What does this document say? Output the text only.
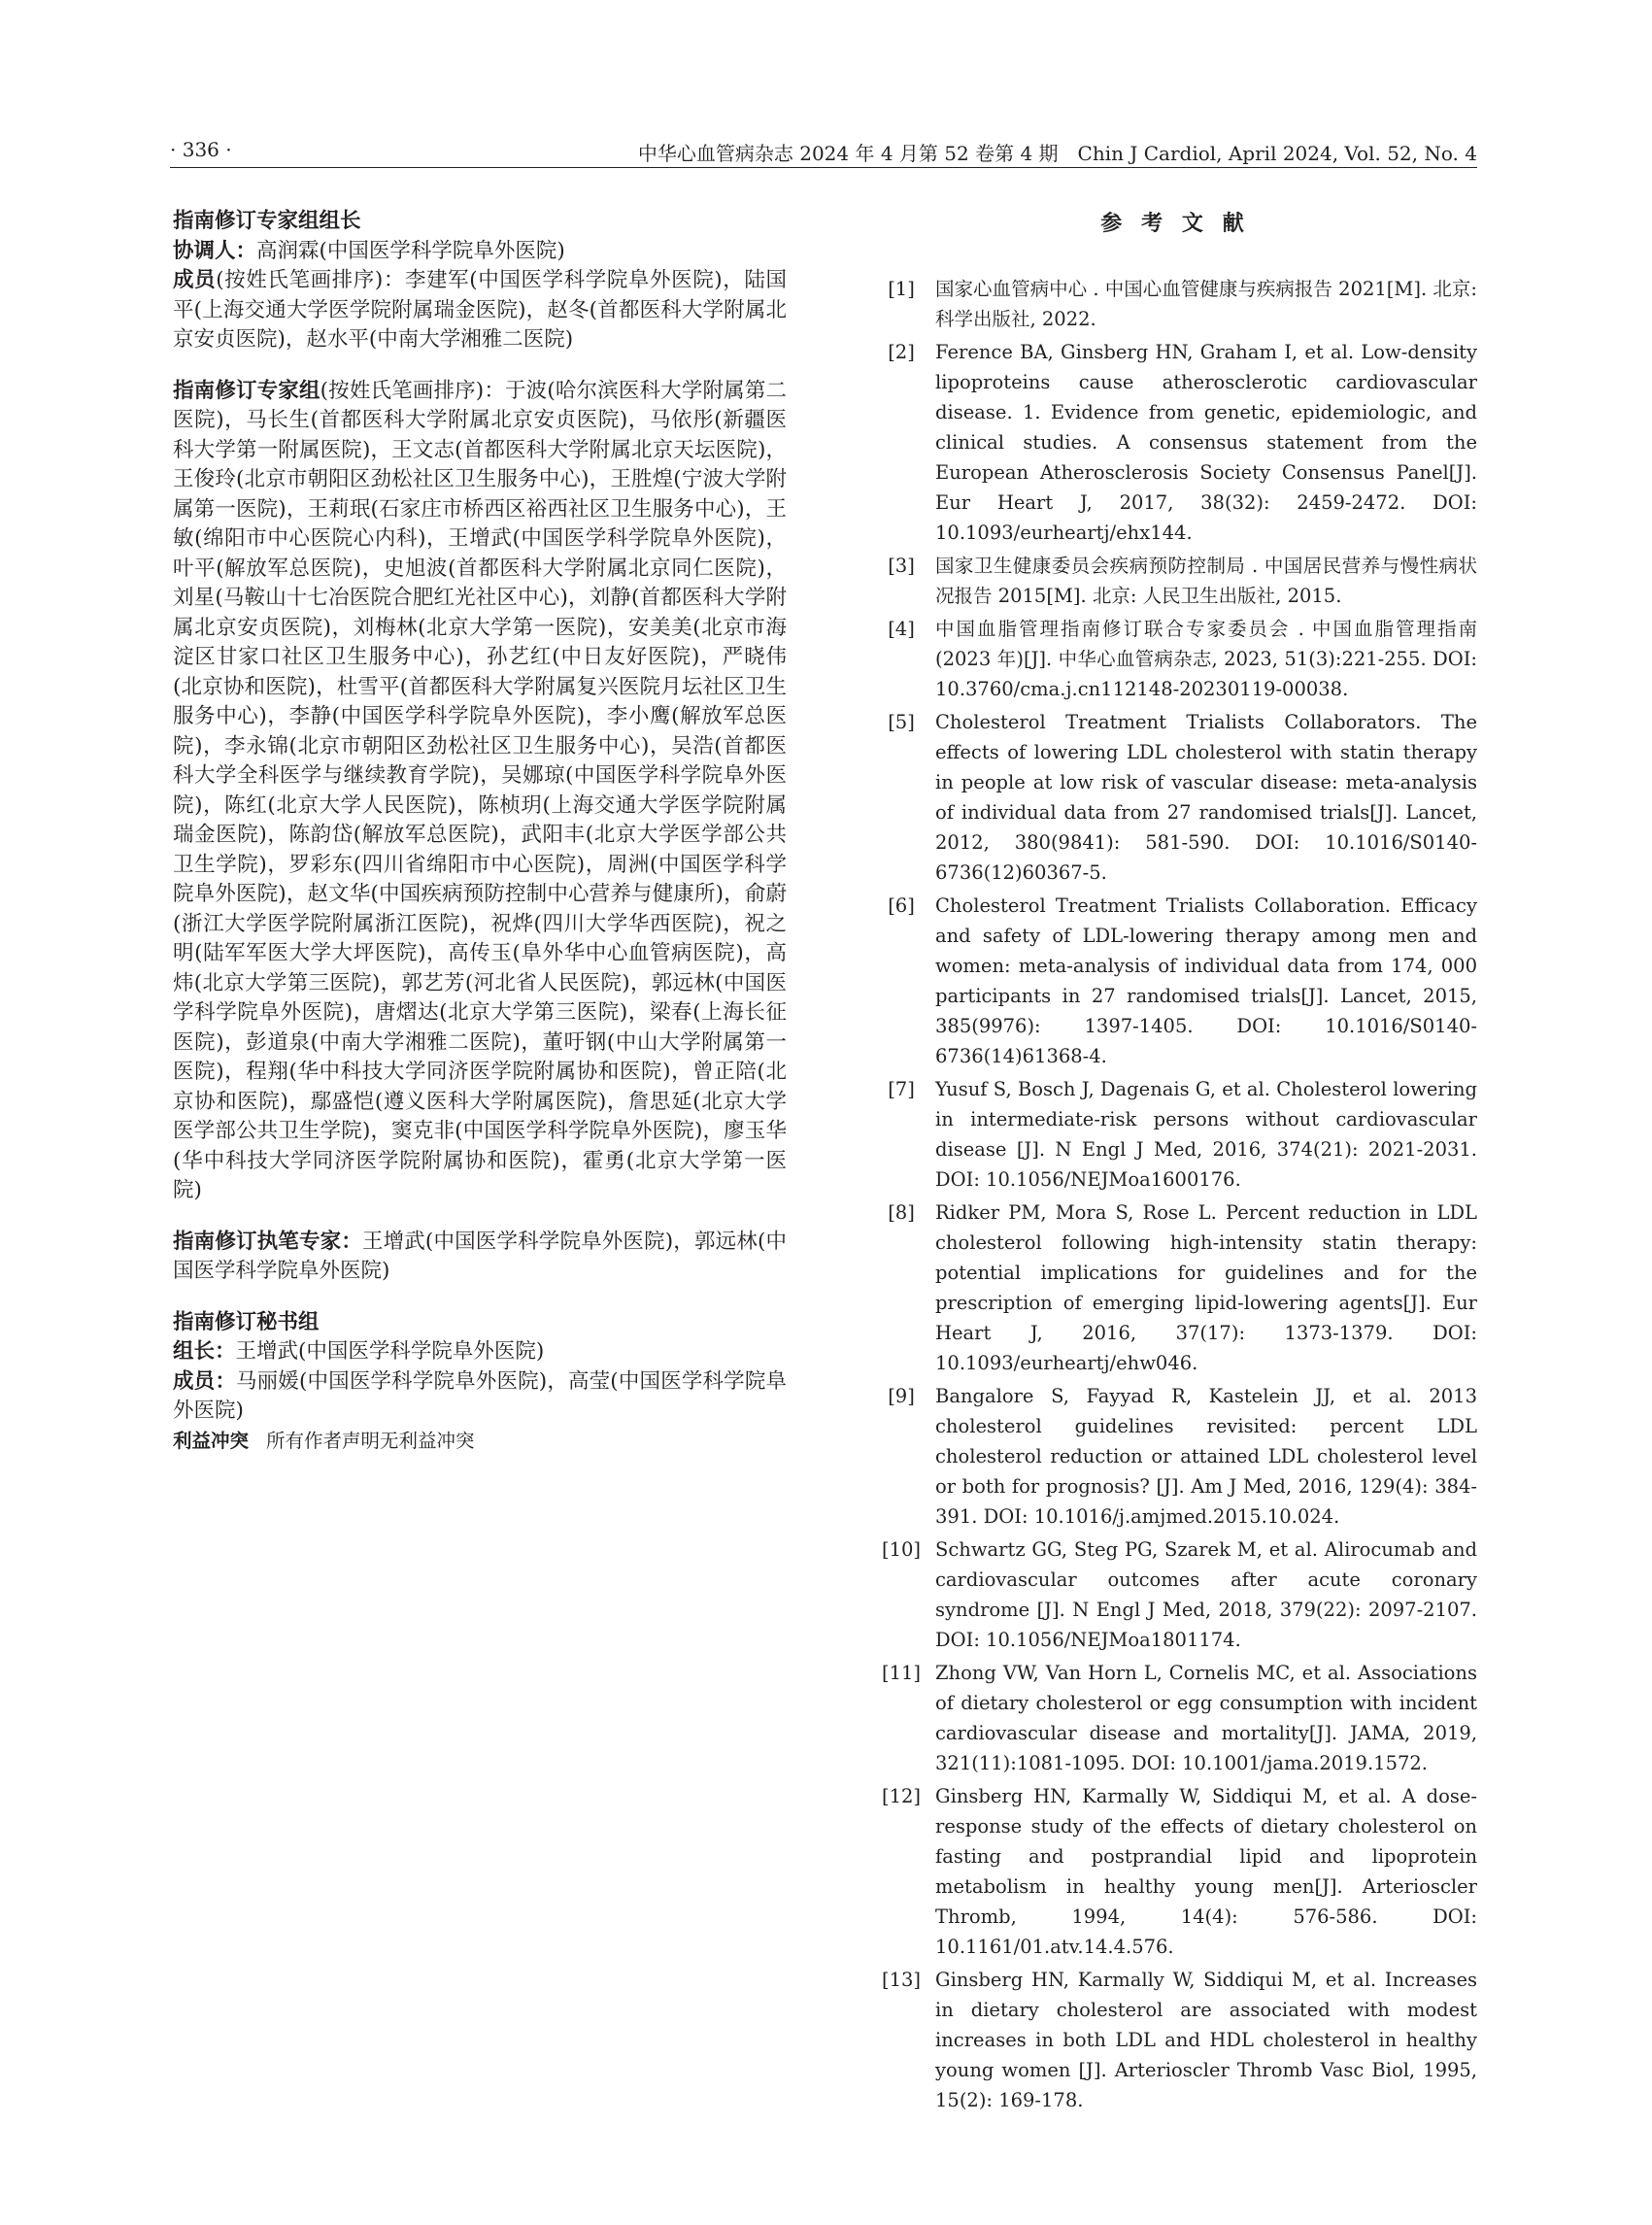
· 336 ·	中华心血管病杂志 2024 年 4 月第 52 卷第 4 期　Chin J Cardiol, April 2024, Vol. 52, No. 4

指南修订专家组组长

协调人：高润霖(中国医学科学院阜外医院)

成员(按姓氏笔画排序)：李建军(中国医学科学院阜外医院)，陆国平(上海交通大学医学院附属瑞金医院)，赵冬(首都医科大学附属北京安贞医院)，赵水平(中南大学湘雅二医院)

指南修订专家组(按姓氏笔画排序)：于波(哈尔滨医科大学附属第二医院)，马长生(首都医科大学附属北京安贞医院)，马依彤(新疆医科大学第一附属医院)，王文志(首都医科大学附属北京天坛医院)，王俊玲(北京市朝阳区劲松社区卫生服务中心)，王胜煌(宁波大学附属第一医院)，王莉珉(石家庄市桥西区裕西社区卫生服务中心)，王敏(绵阳市中心医院心内科)，王增武(中国医学科学院阜外医院)，叶平(解放军总医院)，史旭波(首都医科大学附属北京同仁医院)，刘星(马鞍山十七冶医院合肥红光社区中心)，刘静(首都医科大学附属北京安贞医院)，刘梅林(北京大学第一医院)，安美美(北京市海淀区甘家口社区卫生服务中心)，孙艺红(中日友好医院)，严晓伟(北京协和医院)，杜雪平(首都医科大学附属复兴医院月坛社区卫生服务中心)，李静(中国医学科学院阜外医院)，李小鹰(解放军总医院)，李永锦(北京市朝阳区劲松社区卫生服务中心)，吴浩(首都医科大学全科医学与继续教育学院)，吴娜琼(中国医学科学院阜外医院)，陈红(北京大学人民医院)，陈桢玥(上海交通大学医学院附属瑞金医院)，陈韵岱(解放军总医院)，武阳丰(北京大学医学部公共卫生学院)，罗彩东(四川省绵阳市中心医院)，周洲(中国医学科学院阜外医院)，赵文华(中国疾病预防控制中心营养与健康所)，俞蔚(浙江大学医学院附属浙江医院)，祝烨(四川大学华西医院)，祝之明(陆军军医大学大坪医院)，高传玉(阜外华中心血管病医院)，高炜(北京大学第三医院)，郭艺芳(河北省人民医院)，郭远林(中国医学科学院阜外医院)，唐熠达(北京大学第三医院)，梁春(上海长征医院)，彭道泉(中南大学湘雅二医院)，董吁钢(中山大学附属第一医院)，程翔(华中科技大学同济医学院附属协和医院)，曾正陪(北京协和医院)，鄢盛恺(遵义医科大学附属医院)，詹思延(北京大学医学部公共卫生学院)，窦克非(中国医学科学院阜外医院)，廖玉华(华中科技大学同济医学院附属协和医院)，霍勇(北京大学第一医院)

指南修订执笔专家：王增武(中国医学科学院阜外医院)，郭远林(中国医学科学院阜外医院)

指南修订秘书组

组长：王增武(中国医学科学院阜外医院)

成员：马丽媛(中国医学科学院阜外医院)，高莹(中国医学科学院阜外医院)

利益冲突 所有作者声明无利益冲突

参考文献

[1]	国家心血管病中心 . 中国心血管健康与疾病报告 2021[M]. 北京: 科学出版社, 2022.
[2]	Ference BA, Ginsberg HN, Graham I, et al. Low-density lipoproteins cause atherosclerotic cardiovascular disease. 1. Evidence from genetic, epidemiologic, and clinical studies. A consensus statement from the European Atherosclerosis Society Consensus Panel[J]. Eur Heart J, 2017, 38(32): 2459-2472. DOI: 10.1093/eurheartj/ehx144.
[3]	国家卫生健康委员会疾病预防控制局 . 中国居民营养与慢性病状况报告 2015[M]. 北京: 人民卫生出版社, 2015.
[4]	中国血脂管理指南修订联合专家委员会 . 中国血脂管理指南(2023 年)[J]. 中华心血管病杂志, 2023, 51(3):221-255. DOI: 10.3760/cma.j.cn112148-20230119-00038.
[5]	Cholesterol Treatment Trialists Collaborators. The effects of lowering LDL cholesterol with statin therapy in people at low risk of vascular disease: meta-analysis of individual data from 27 randomised trials[J]. Lancet, 2012, 380(9841): 581-590. DOI: 10.1016/S0140-6736(12)60367-5.
[6]	Cholesterol Treatment Trialists Collaboration. Efficacy and safety of LDL-lowering therapy among men and women: meta-analysis of individual data from 174, 000 participants in 27 randomised trials[J]. Lancet, 2015, 385(9976): 1397-1405. DOI: 10.1016/S0140-6736(14)61368-4.
[7]	Yusuf S, Bosch J, Dagenais G, et al. Cholesterol lowering in intermediate-risk persons without cardiovascular disease [J]. N Engl J Med, 2016, 374(21): 2021-2031. DOI: 10.1056/NEJMoa1600176.
[8]	Ridker PM, Mora S, Rose L. Percent reduction in LDL cholesterol following high-intensity statin therapy: potential implications for guidelines and for the prescription of emerging lipid-lowering agents[J]. Eur Heart J, 2016, 37(17): 1373-1379. DOI: 10.1093/eurheartj/ehw046.
[9]	Bangalore S, Fayyad R, Kastelein JJ, et al. 2013 cholesterol guidelines revisited: percent LDL cholesterol reduction or attained LDL cholesterol level or both for prognosis? [J]. Am J Med, 2016, 129(4): 384-391. DOI: 10.1016/j.amjmed.2015.10.024.
[10] Schwartz GG, Steg PG, Szarek M, et al. Alirocumab and cardiovascular outcomes after acute coronary syndrome [J]. N Engl J Med, 2018, 379(22): 2097-2107. DOI: 10.1056/NEJMoa1801174.
[11] Zhong VW, Van Horn L, Cornelis MC, et al. Associations of dietary cholesterol or egg consumption with incident cardiovascular disease and mortality[J]. JAMA, 2019, 321(11):1081-1095. DOI: 10.1001/jama.2019.1572.
[12] Ginsberg HN, Karmally W, Siddiqui M, et al. A dose-response study of the effects of dietary cholesterol on fasting and postprandial lipid and lipoprotein metabolism in healthy young men[J]. Arterioscler Thromb, 1994, 14(4): 576-586. DOI: 10.1161/01.atv.14.4.576.
[13] Ginsberg HN, Karmally W, Siddiqui M, et al. Increases in dietary cholesterol are associated with modest increases in both LDL and HDL cholesterol in healthy young women [J]. Arterioscler Thromb Vasc Biol, 1995, 15(2): 169-178.
